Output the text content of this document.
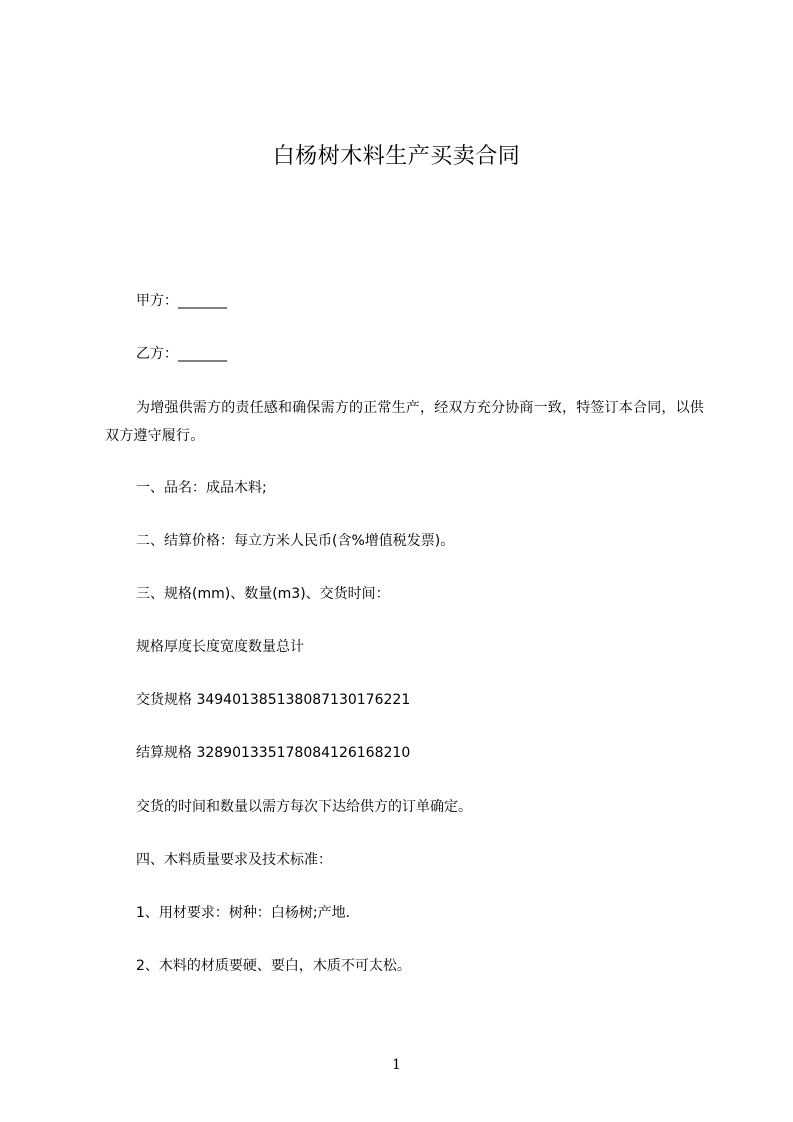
白杨树木料生产买卖合同
甲方：_______
乙方：_______
为增强供需方的责任感和确保需方的正常生产，经双方充分协商一致，特签订本合同，以供双方遵守履行。
一、品名：成品木料;
二、结算价格：每立方米人民币(含%增值税发票)。
三、规格(mm)、数量(m3)、交货时间：
规格厚度长度宽度数量总计
交货规格 349401385138087130176221
结算规格 328901335178084126168210
交货的时间和数量以需方每次下达给供方的订单确定。
四、木料质量要求及技术标准：
1、用材要求：树种：白杨树;产地.
2、木料的材质要硬、要白，木质不可太松。
1
